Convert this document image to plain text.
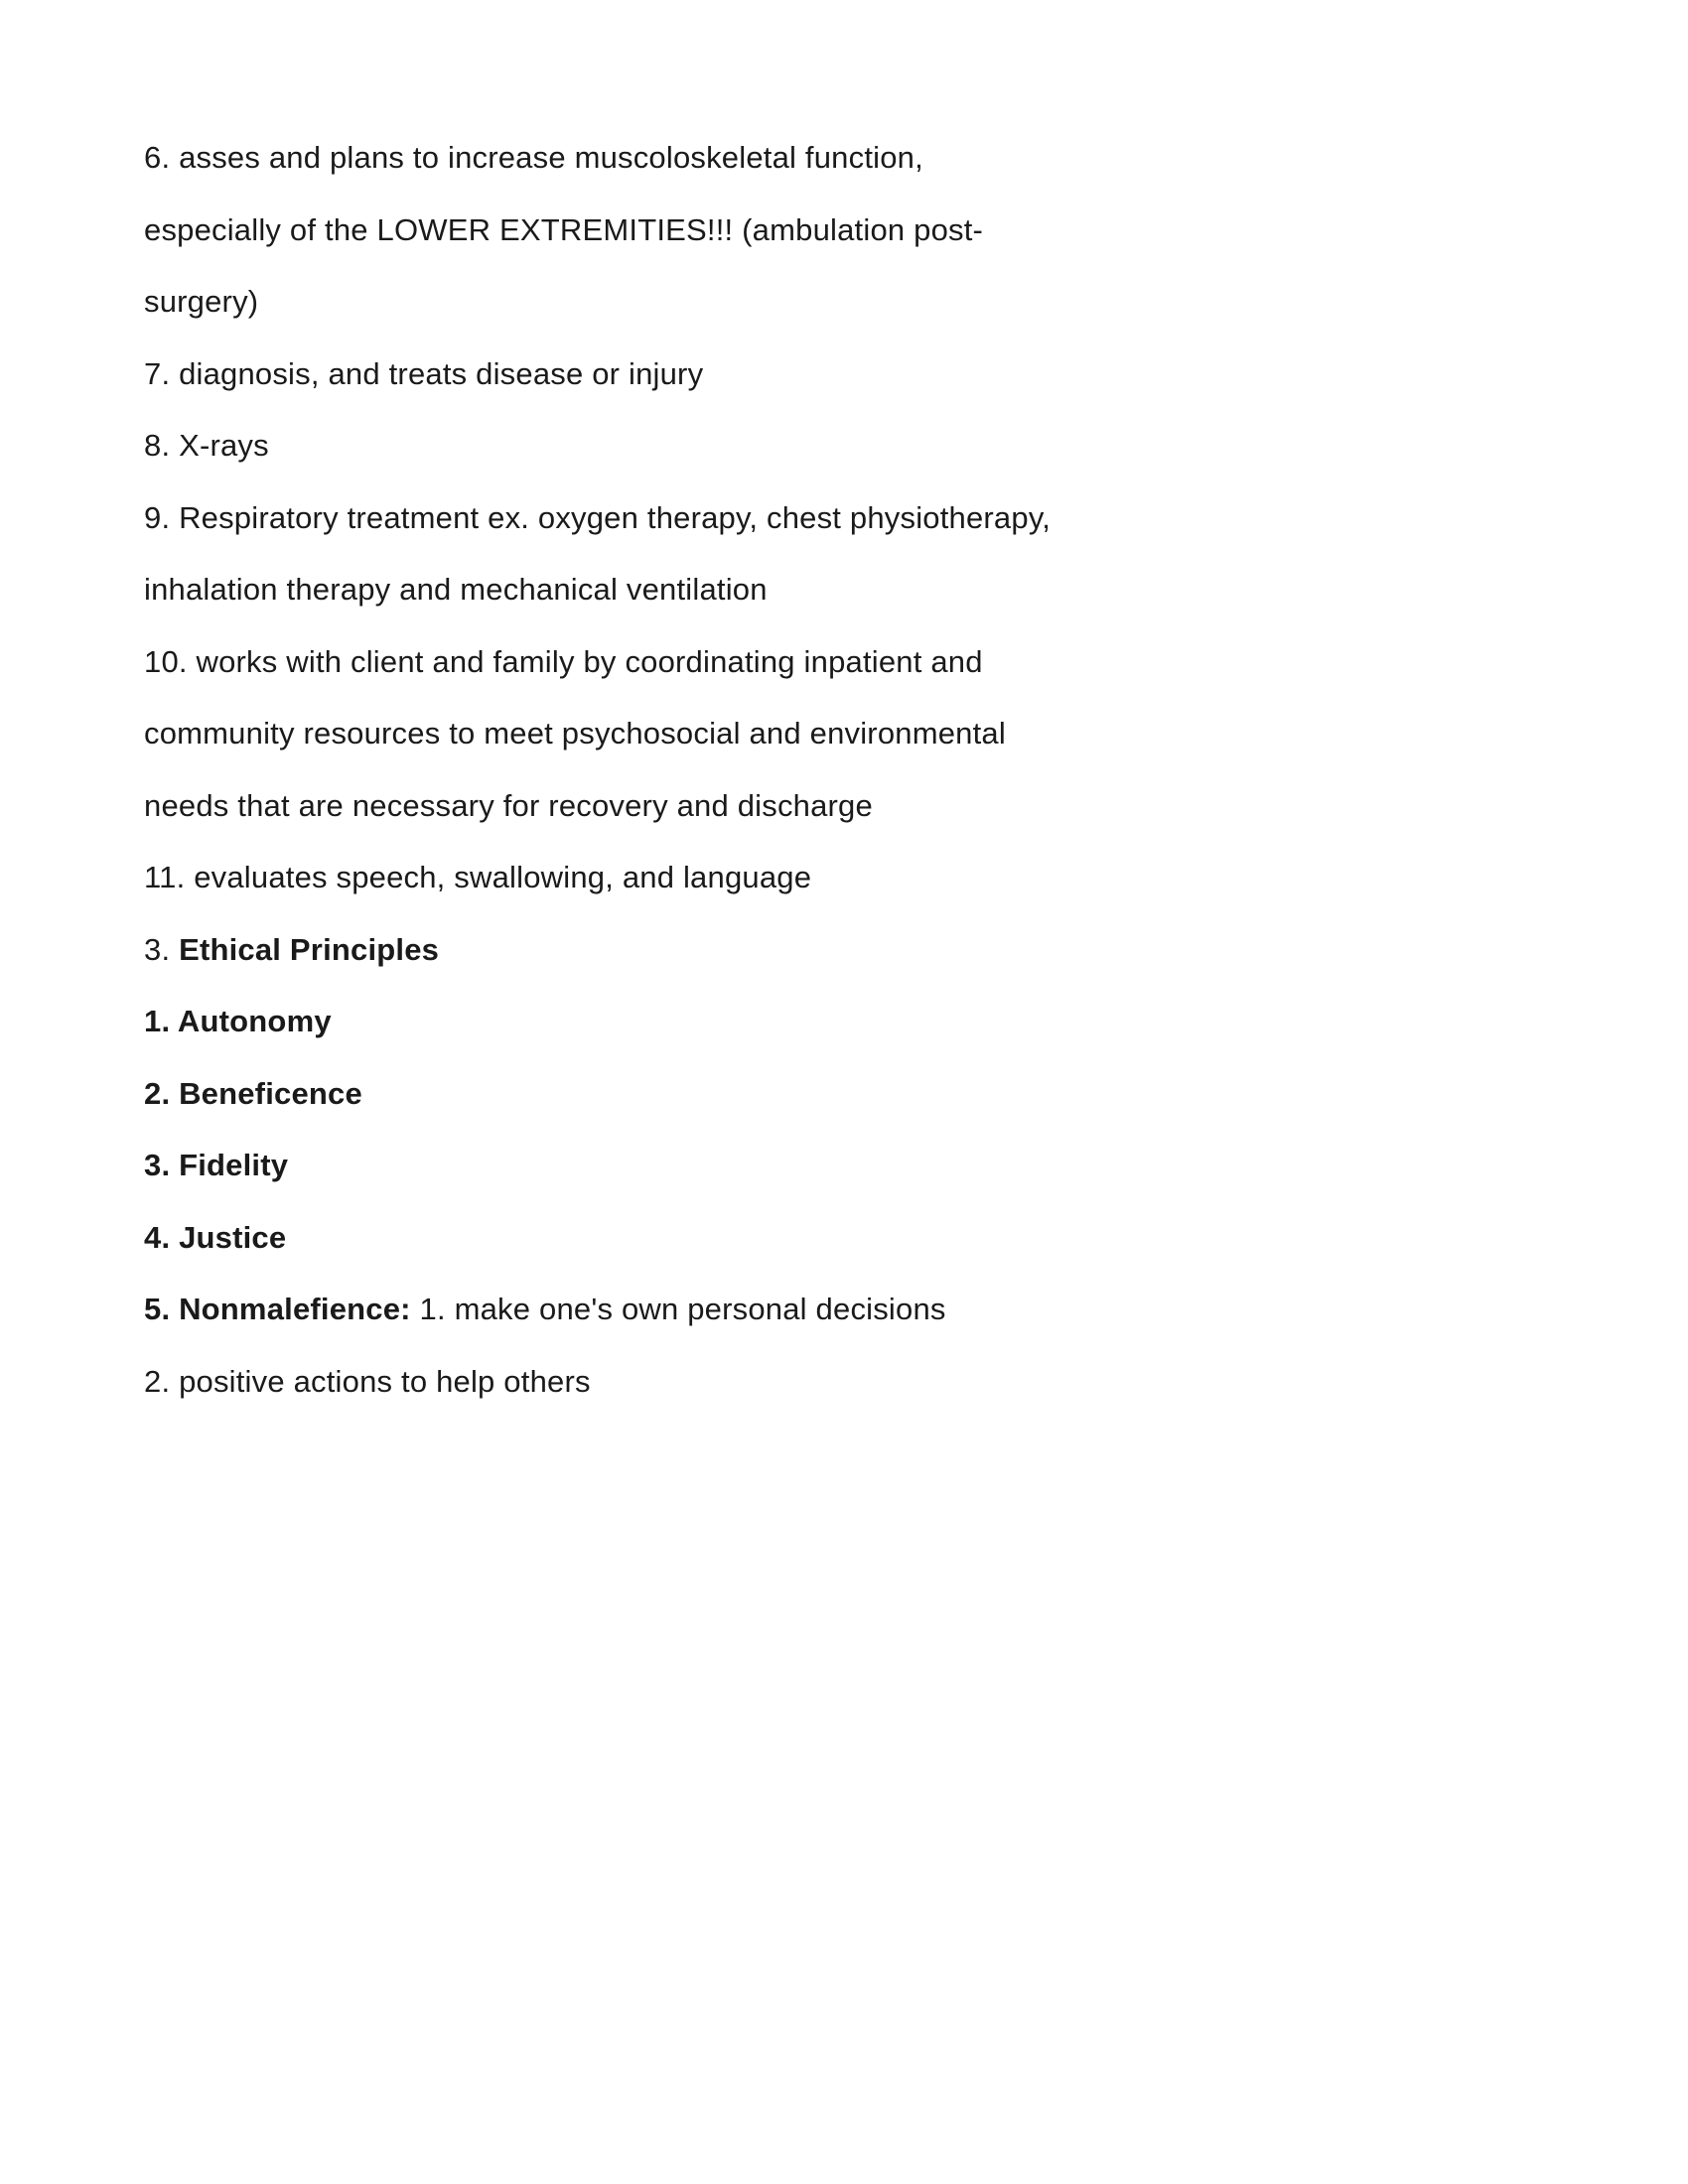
6. asses and plans to increase muscoloskeletal function,

especially of the LOWER EXTREMITIES!!! (ambulation post-

surgery)

7. diagnosis, and treats disease or injury

8. X-rays

9. Respiratory treatment ex. oxygen therapy, chest physiotherapy,

inhalation therapy and mechanical ventilation

10. works with client and family by coordinating inpatient and

community resources to meet psychosocial and environmental

needs that are necessary for recovery and discharge

11. evaluates speech, swallowing, and language

3. Ethical Principles

1. Autonomy

2. Beneficence

3. Fidelity

4. Justice

5. Nonmalefience: 1. make one's own personal decisions

2. positive actions to help others
